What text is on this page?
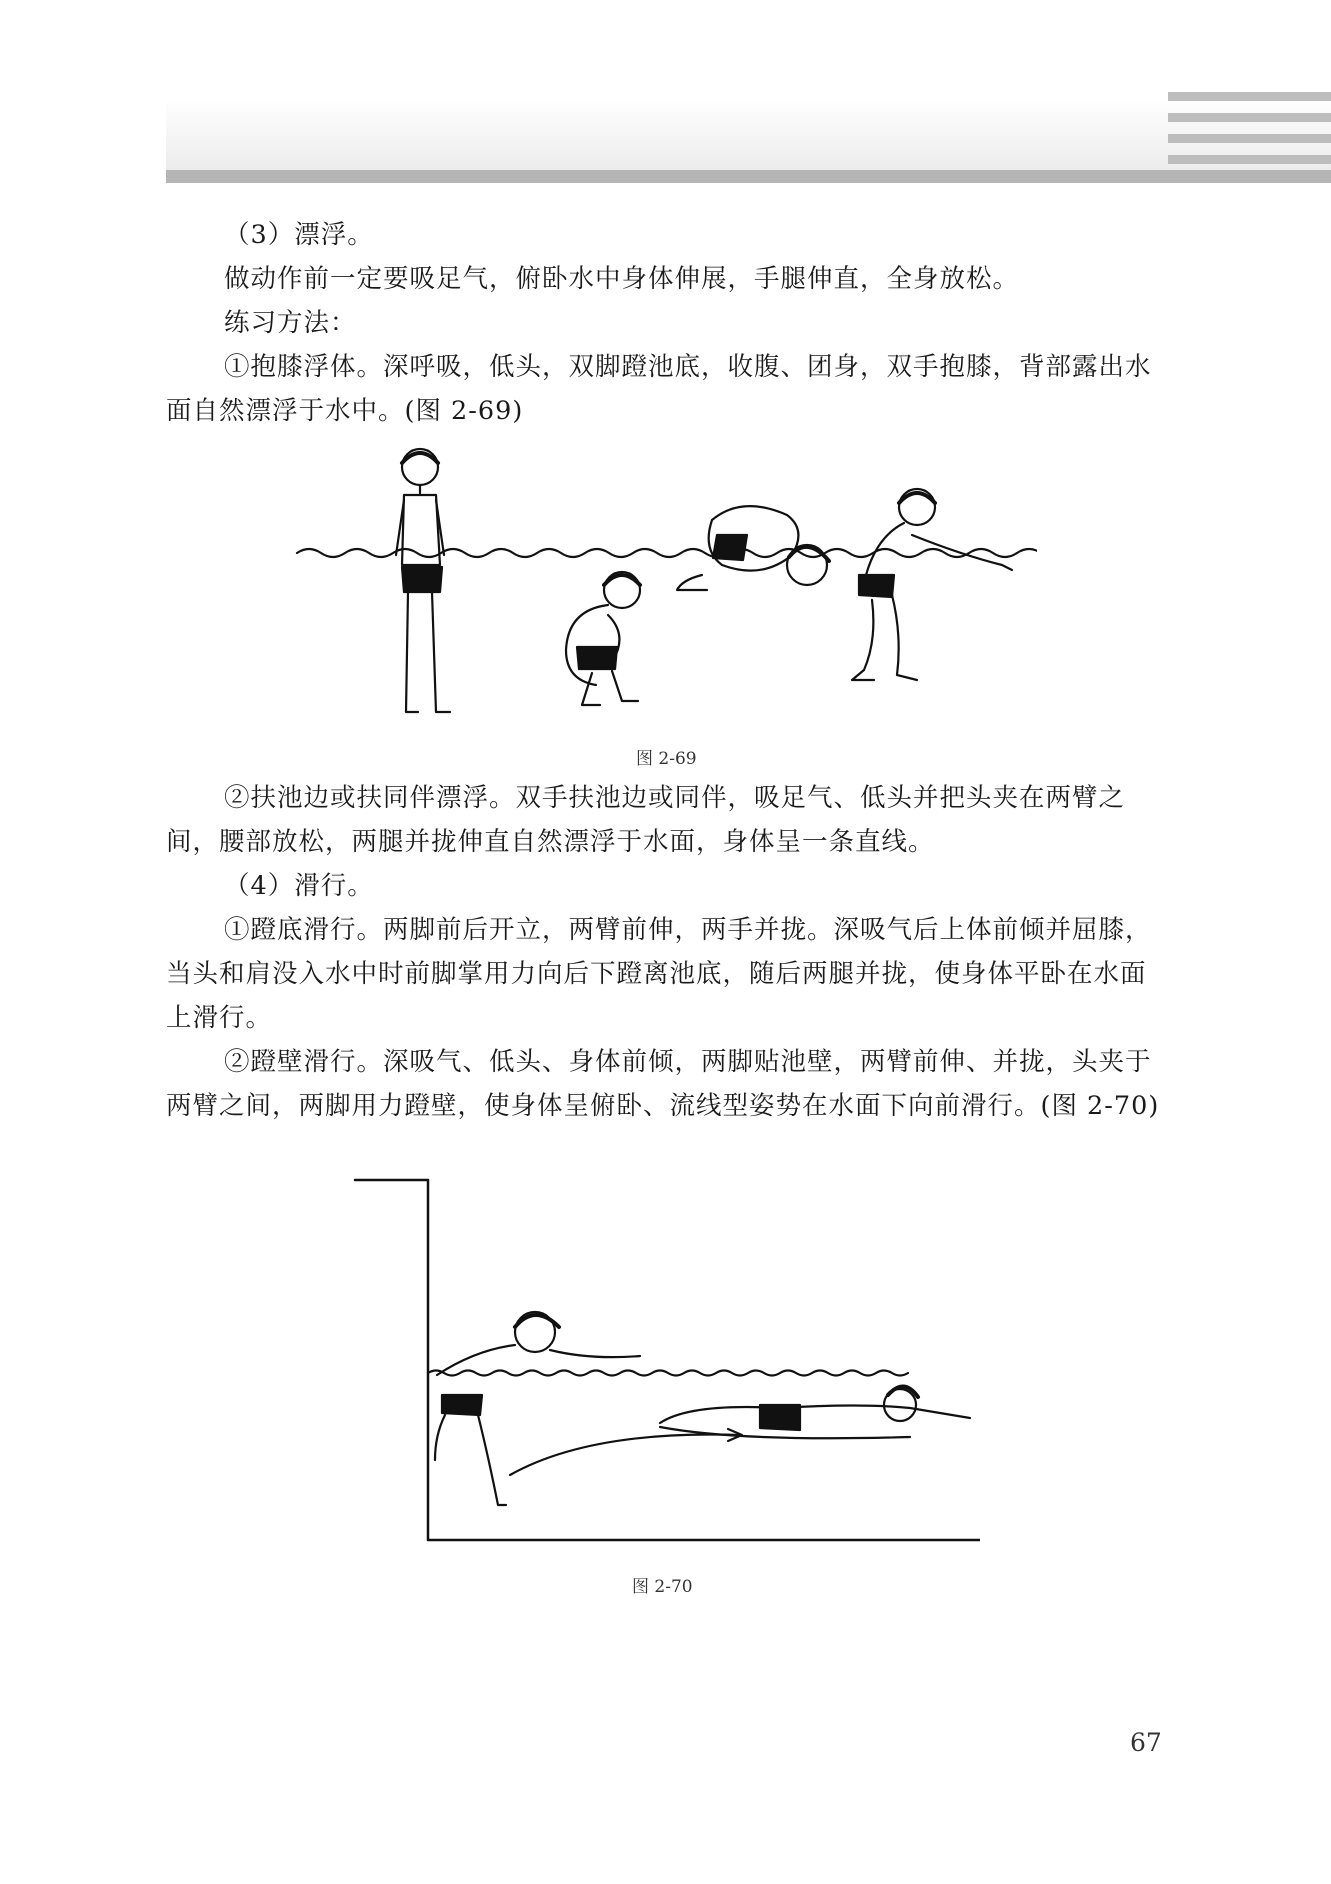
（3）漂浮。

做动作前一定要吸足气，俯卧水中身体伸展，手腿伸直，全身放松。

练习方法：

①抱膝浮体。深呼吸，低头，双脚蹬池底，收腹、团身，双手抱膝，背部露出水面自然漂浮于水中。(图 2-69)

图 2-69

②扶池边或扶同伴漂浮。双手扶池边或同伴，吸足气、低头并把头夹在两臂之间，腰部放松，两腿并拢伸直自然漂浮于水面，身体呈一条直线。

（4）滑行。

①蹬底滑行。两脚前后开立，两臂前伸，两手并拢。深吸气后上体前倾并屈膝，当头和肩没入水中时前脚掌用力向后下蹬离池底，随后两腿并拢，使身体平卧在水面上滑行。

②蹬壁滑行。深吸气、低头、身体前倾，两脚贴池壁，两臂前伸、并拢，头夹于两臂之间，两脚用力蹬壁，使身体呈俯卧、流线型姿势在水面下向前滑行。(图 2-70)

图 2-70
67
